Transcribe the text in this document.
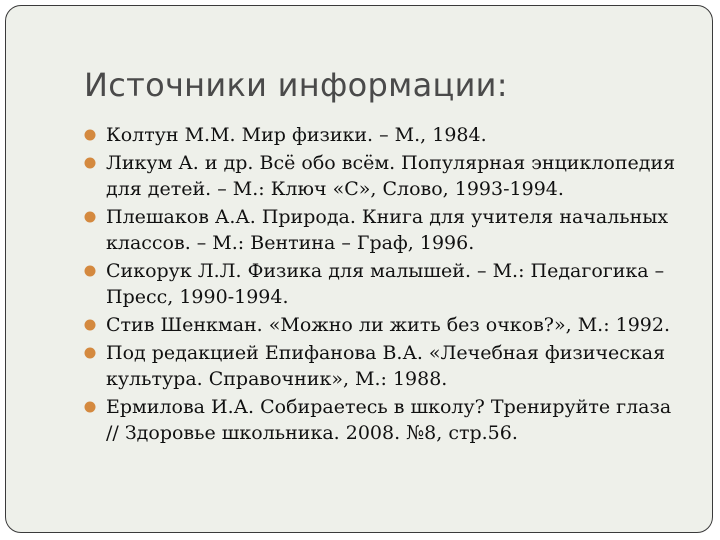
Источники информации:
Колтун М.М. Мир физики. – М., 1984.
Ликум А. и др. Всё обо всём. Популярная энциклопедия для детей. – М.: Ключ «С», Слово, 1993-1994.
Плешаков А.А. Природа. Книга для учителя начальных классов. – М.: Вентина – Граф, 1996.
Сикорук Л.Л. Физика для малышей. – М.: Педагогика – Пресс, 1990-1994.
Стив Шенкман. «Можно ли жить без очков?», М.: 1992.
Под редакцией Епифанова В.А. «Лечебная физическая культура. Справочник», М.: 1988.
Ермилова И.А. Собираетесь в школу? Тренируйте глаза // Здоровье школьника. 2008. №8, стр.56.
